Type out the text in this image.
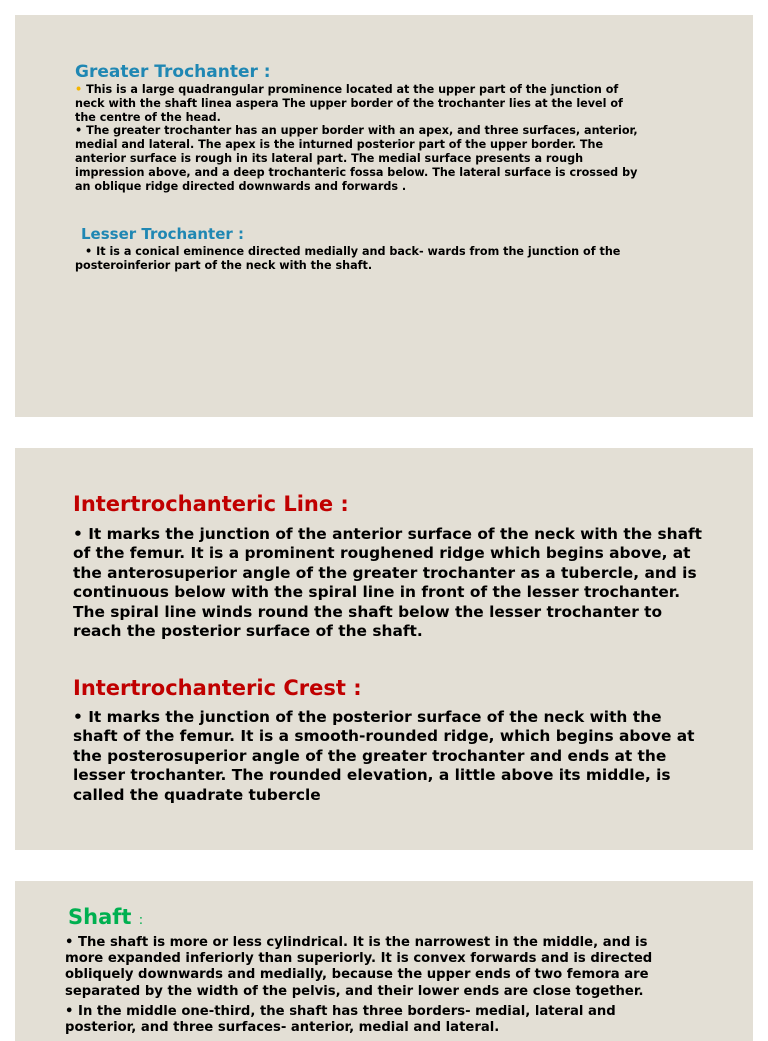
Greater Trochanter :

• This is a large quadrangular prominence located at the upper part of the junction of neck with the shaft linea aspera The upper border of the trochanter lies at the level of the centre of the head.

• The greater trochanter has an upper border with an apex, and three surfaces, anterior, medial and lateral. The apex is the inturned posterior part of the upper border. The anterior surface is rough in its lateral part. The medial surface presents a rough impression above, and a deep trochanteric fossa below. The lateral surface is crossed by an oblique ridge directed downwards and forwards .

Lesser Trochanter :

• It is a conical eminence directed medially and back- wards from the junction of the posteroinferior part of the neck with the shaft.

Intertrochanteric Line :

• It marks the junction of the anterior surface of the neck with the shaft of the femur. It is a prominent roughened ridge which begins above, at the anterosuperior angle of the greater trochanter as a tubercle, and is continuous below with the spiral line in front of the lesser trochanter. The spiral line winds round the shaft below the lesser trochanter to reach the posterior surface of the shaft.

Intertrochanteric Crest :

• It marks the junction of the posterior surface of the neck with the shaft of the femur. It is a smooth-rounded ridge, which begins above at the posterosuperior angle of the greater trochanter and ends at the lesser trochanter. The rounded elevation, a little above its middle, is called the quadrate tubercle

Shaft :

• The shaft is more or less cylindrical. It is the narrowest in the middle, and is more expanded inferiorly than superiorly. It is convex forwards and is directed obliquely downwards and medially, because the upper ends of two femora are separated by the width of the pelvis, and their lower ends are close together.

• In the middle one-third, the shaft has three borders- medial, lateral and posterior, and three surfaces- anterior, medial and lateral.
